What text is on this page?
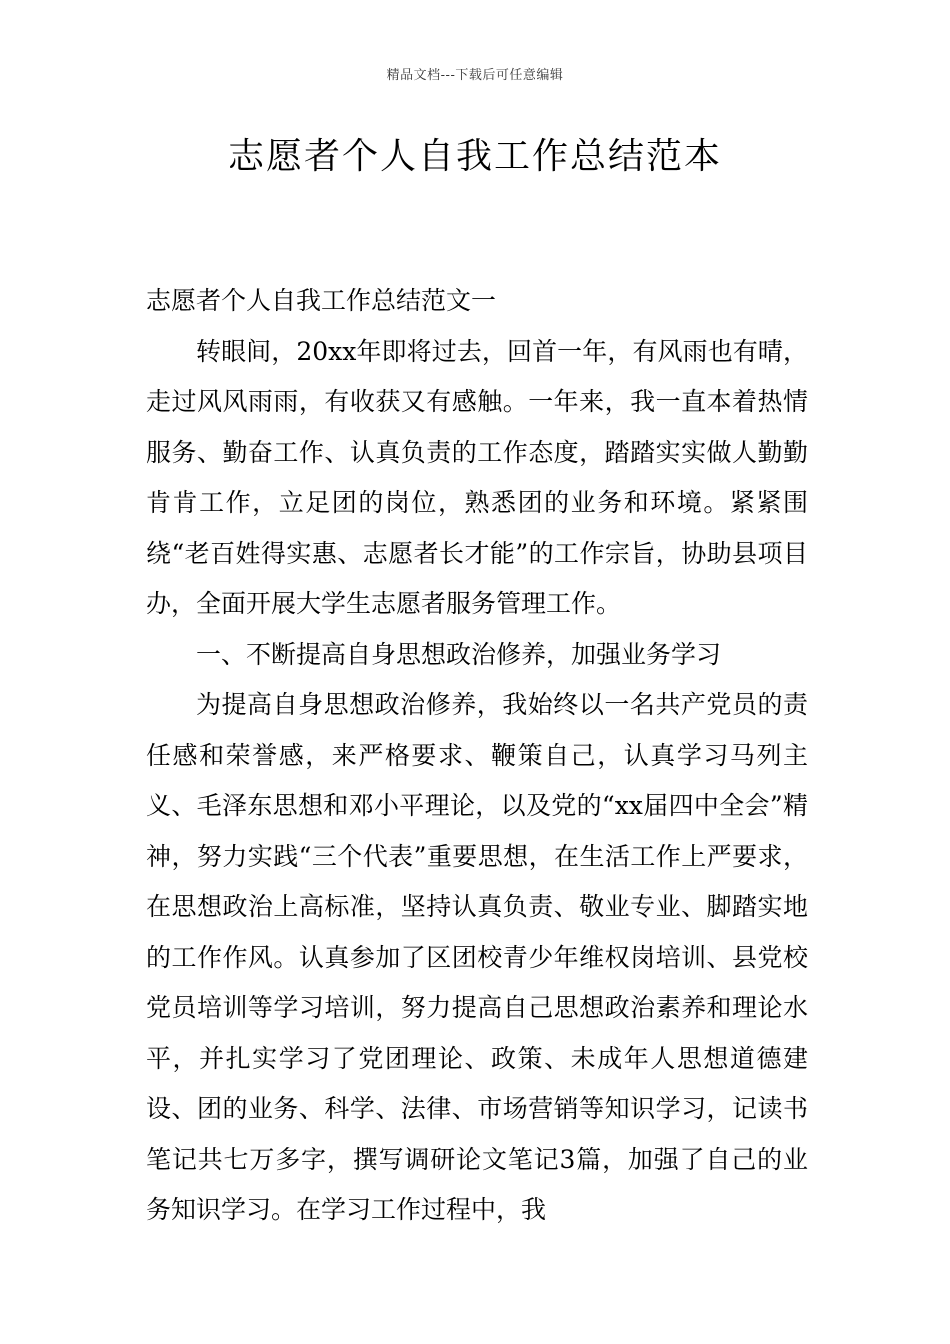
精品文档---下载后可任意编辑
志愿者个人自我工作总结范本

志愿者个人自我工作总结范文一

转眼间，20xx年即将过去，回首一年，有风雨也有晴，走过风风雨雨，有收获又有感触。一年来，我一直本着热情服务、勤奋工作、认真负责的工作态度，踏踏实实做人勤勤肯肯工作，立足团的岗位，熟悉团的业务和环境。紧紧围绕“老百姓得实惠、志愿者长才能”的工作宗旨，协助县项目办，全面开展大学生志愿者服务管理工作。

一、不断提高自身思想政治修养，加强业务学习

为提高自身思想政治修养，我始终以一名共产党员的责任感和荣誉感，来严格要求、鞭策自己，认真学习马列主义、毛泽东思想和邓小平理论，以及党的“xx届四中全会”精神，努力实践“三个代表”重要思想，在生活工作上严要求，在思想政治上高标准，坚持认真负责、敬业专业、脚踏实地的工作作风。认真参加了区团校青少年维权岗培训、县党校党员培训等学习培训，努力提高自己思想政治素养和理论水平，并扎实学习了党团理论、政策、未成年人思想道德建设、团的业务、科学、法律、市场营销等知识学习，记读书笔记共七万多字，撰写调研论文笔记3篇，加强了自己的业务知识学习。在学习工作过程中，我
